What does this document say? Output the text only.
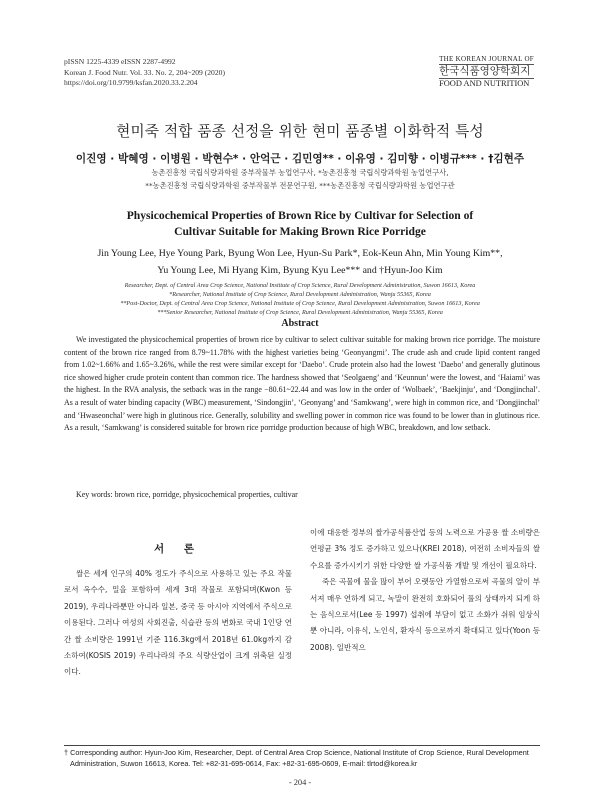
pISSN 1225-4339 eISSN 2287-4992
Korean J. Food Nutr. Vol. 33. No. 2, 204~209 (2020)
https://doi.org/10.9799/ksfan.2020.33.2.204
THE KOREAN JOURNAL OF
한국식품영양학회지
FOOD AND NUTRITION
현미죽 적합 품종 선정을 위한 현미 품종별 이화학적 특성
이진영 · 박혜영 · 이병원 · 박현수* · 안억근 · 김민영** · 이유영 · 김미향 · 이병규*** · †김현주
농촌진흥청 국립식량과학원 중부작물부 농업연구사, *농촌진흥청 국립식량과학원 농업연구사,
**농촌진흥청 국립식량과학원 중부작물부 전문연구원, ***농촌진흥청 국립식량과학원 농업연구관
Physicochemical Properties of Brown Rice by Cultivar for Selection of
Cultivar Suitable for Making Brown Rice Porridge
Jin Young Lee, Hye Young Park, Byung Won Lee, Hyun-Su Park*, Eok-Keun Ahn, Min Young Kim**,
Yu Young Lee, Mi Hyang Kim, Byung Kyu Lee*** and †Hyun-Joo Kim
Researcher, Dept. of Central Area Crop Science, National Institute of Crop Science, Rural Development Administration, Suwon 16613, Korea
*Researcher, National Institute of Crop Science, Rural Development Administration, Wanju 55365, Korea
**Post-Doctor, Dept. of Central Area Crop Science, National Institute of Crop Science, Rural Development Administration, Suwon 16613, Korea
***Senior Researcher, National Institute of Crop Science, Rural Development Administration, Wanju 55365, Korea
Abstract
We investigated the physicochemical properties of brown rice by cultivar to select cultivar suitable for making brown rice porridge. The moisture content of the brown rice ranged from 8.79~11.78% with the highest varieties being ‘Geonyangmi’. The crude ash and crude lipid content ranged from 1.02~1.66% and 1.65~3.26%, while the rest were similar except for ‘Daebo’. Crude protein also had the lowest ‘Daebo’ and generally glutinous rice showed higher crude protein content than common rice. The hardness showed that ‘Seolgaeng’ and ‘Keunnun’ were the lowest, and ‘Haiami’ was the highest. In the RVA analysis, the setback was in the range −80.61~22.44 and was low in the order of ‘Wolbaek’, ‘Baekjinju’, and ‘Dongjinchal’. As a result of water binding capacity (WBC) measurement, ‘Sindongjin’, ‘Geonyang’ and ‘Samkwang’, were high in common rice, and ‘Dongjinchal’ and ‘Hwaseonchal’ were high in glutinous rice. Generally, solubility and swelling power in common rice was found to be lower than in glutinous rice. As a result, ‘Samkwang’ is considered suitable for brown rice porridge production because of high WBC, breakdown, and low setback.
Key words: brown rice, porridge, physicochemical properties, cultivar
서 론

쌀은 세계 인구의 40% 정도가 주식으로 사용하고 있는 주요 작물로서 옥수수, 밀을 포함하여 세계 3대 작물로 포함되며(Kwon 등 2019), 우리나라뿐만 아니라 일본, 중국 등 아시아 지역에서 주식으로 이용된다. 그러나 여성의 사회진출, 식습관 등의 변화로 국내 1인당 연간 쌀 소비량은 1991년 기준 116.3kg에서 2018년 61.0kg까지 감소하여(KOSIS 2019) 우리나라의 주요 식량산업이 크게 위축된 실정이다.

이에 대응한 정부의 쌀가공식품산업 등의 노력으로 가공용 쌀 소비량은 연평균 3% 정도 증가하고 있으나(KREI 2018), 여전히 소비자들의 쌀 수요를 증가시키기 위한 다양한 쌀 가공식품 개발 및 개선이 필요하다.

죽은 곡물에 물을 많이 부어 오랫동안 가열함으로써 곡물의 알이 부서져 매우 연하게 되고, 녹말이 완전히 호화되어 풀의 상태까지 되게 하는 음식으로서(Lee 등 1997) 섭취에 부담이 없고 소화가 쉬워 임상식뿐 아니라, 이유식, 노인식, 환자식 등으로까지 확대되고 있다(Yoon 등 2008). 일반적으

† Corresponding author: Hyun-Joo Kim, Researcher, Dept. of Central Area Crop Science, National Institute of Crop Science, Rural Development Administration, Suwon 16613, Korea. Tel: +82-31-695-0614, Fax: +82-31-695-0609, E-mail: tlrtod@korea.kr
- 204 -
